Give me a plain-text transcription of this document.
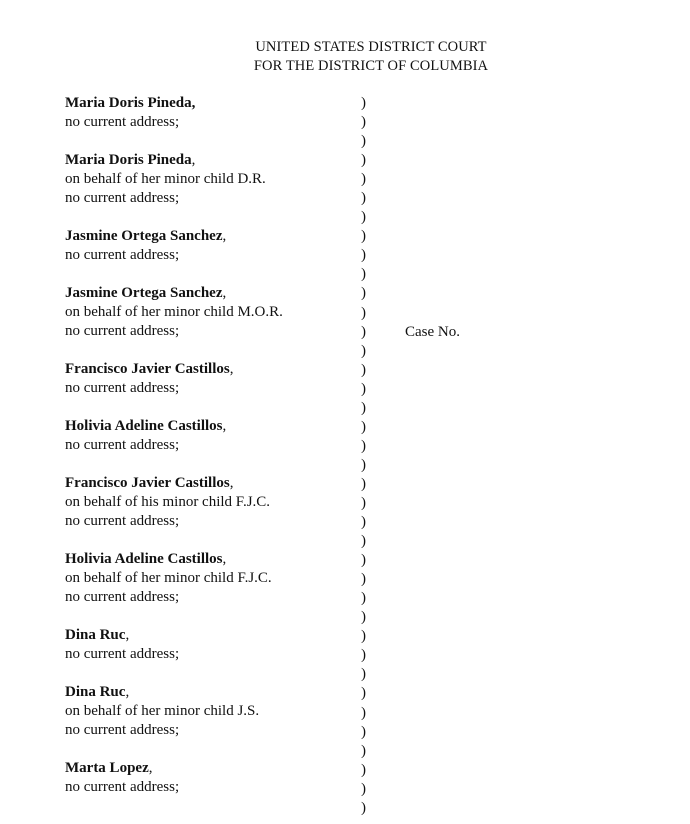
UNITED STATES DISTRICT COURT
FOR THE DISTRICT OF COLUMBIA
Maria Doris Pineda,
no current address;
Maria Doris Pineda,
on behalf of her minor child D.R.
no current address;
Jasmine Ortega Sanchez,
no current address;
Jasmine Ortega Sanchez,
on behalf of her minor child M.O.R.
no current address;
Francisco Javier Castillos,
no current address;
Holivia Adeline Castillos,
no current address;
Francisco Javier Castillos,
on behalf of his minor child F.J.C.
no current address;
Holivia Adeline Castillos,
on behalf of her minor child F.J.C.
no current address;
Dina Ruc,
no current address;
Dina Ruc,
on behalf of her minor child J.S.
no current address;
Marta Lopez,
no current address;
)
)
)
)
)
)
)
)
)
)
)
)
)
)
)
)
)
)
)
)
)
)
)
)
)
)
)
)
)
)
)
)
)
)
)
)
)
)
Case No.
